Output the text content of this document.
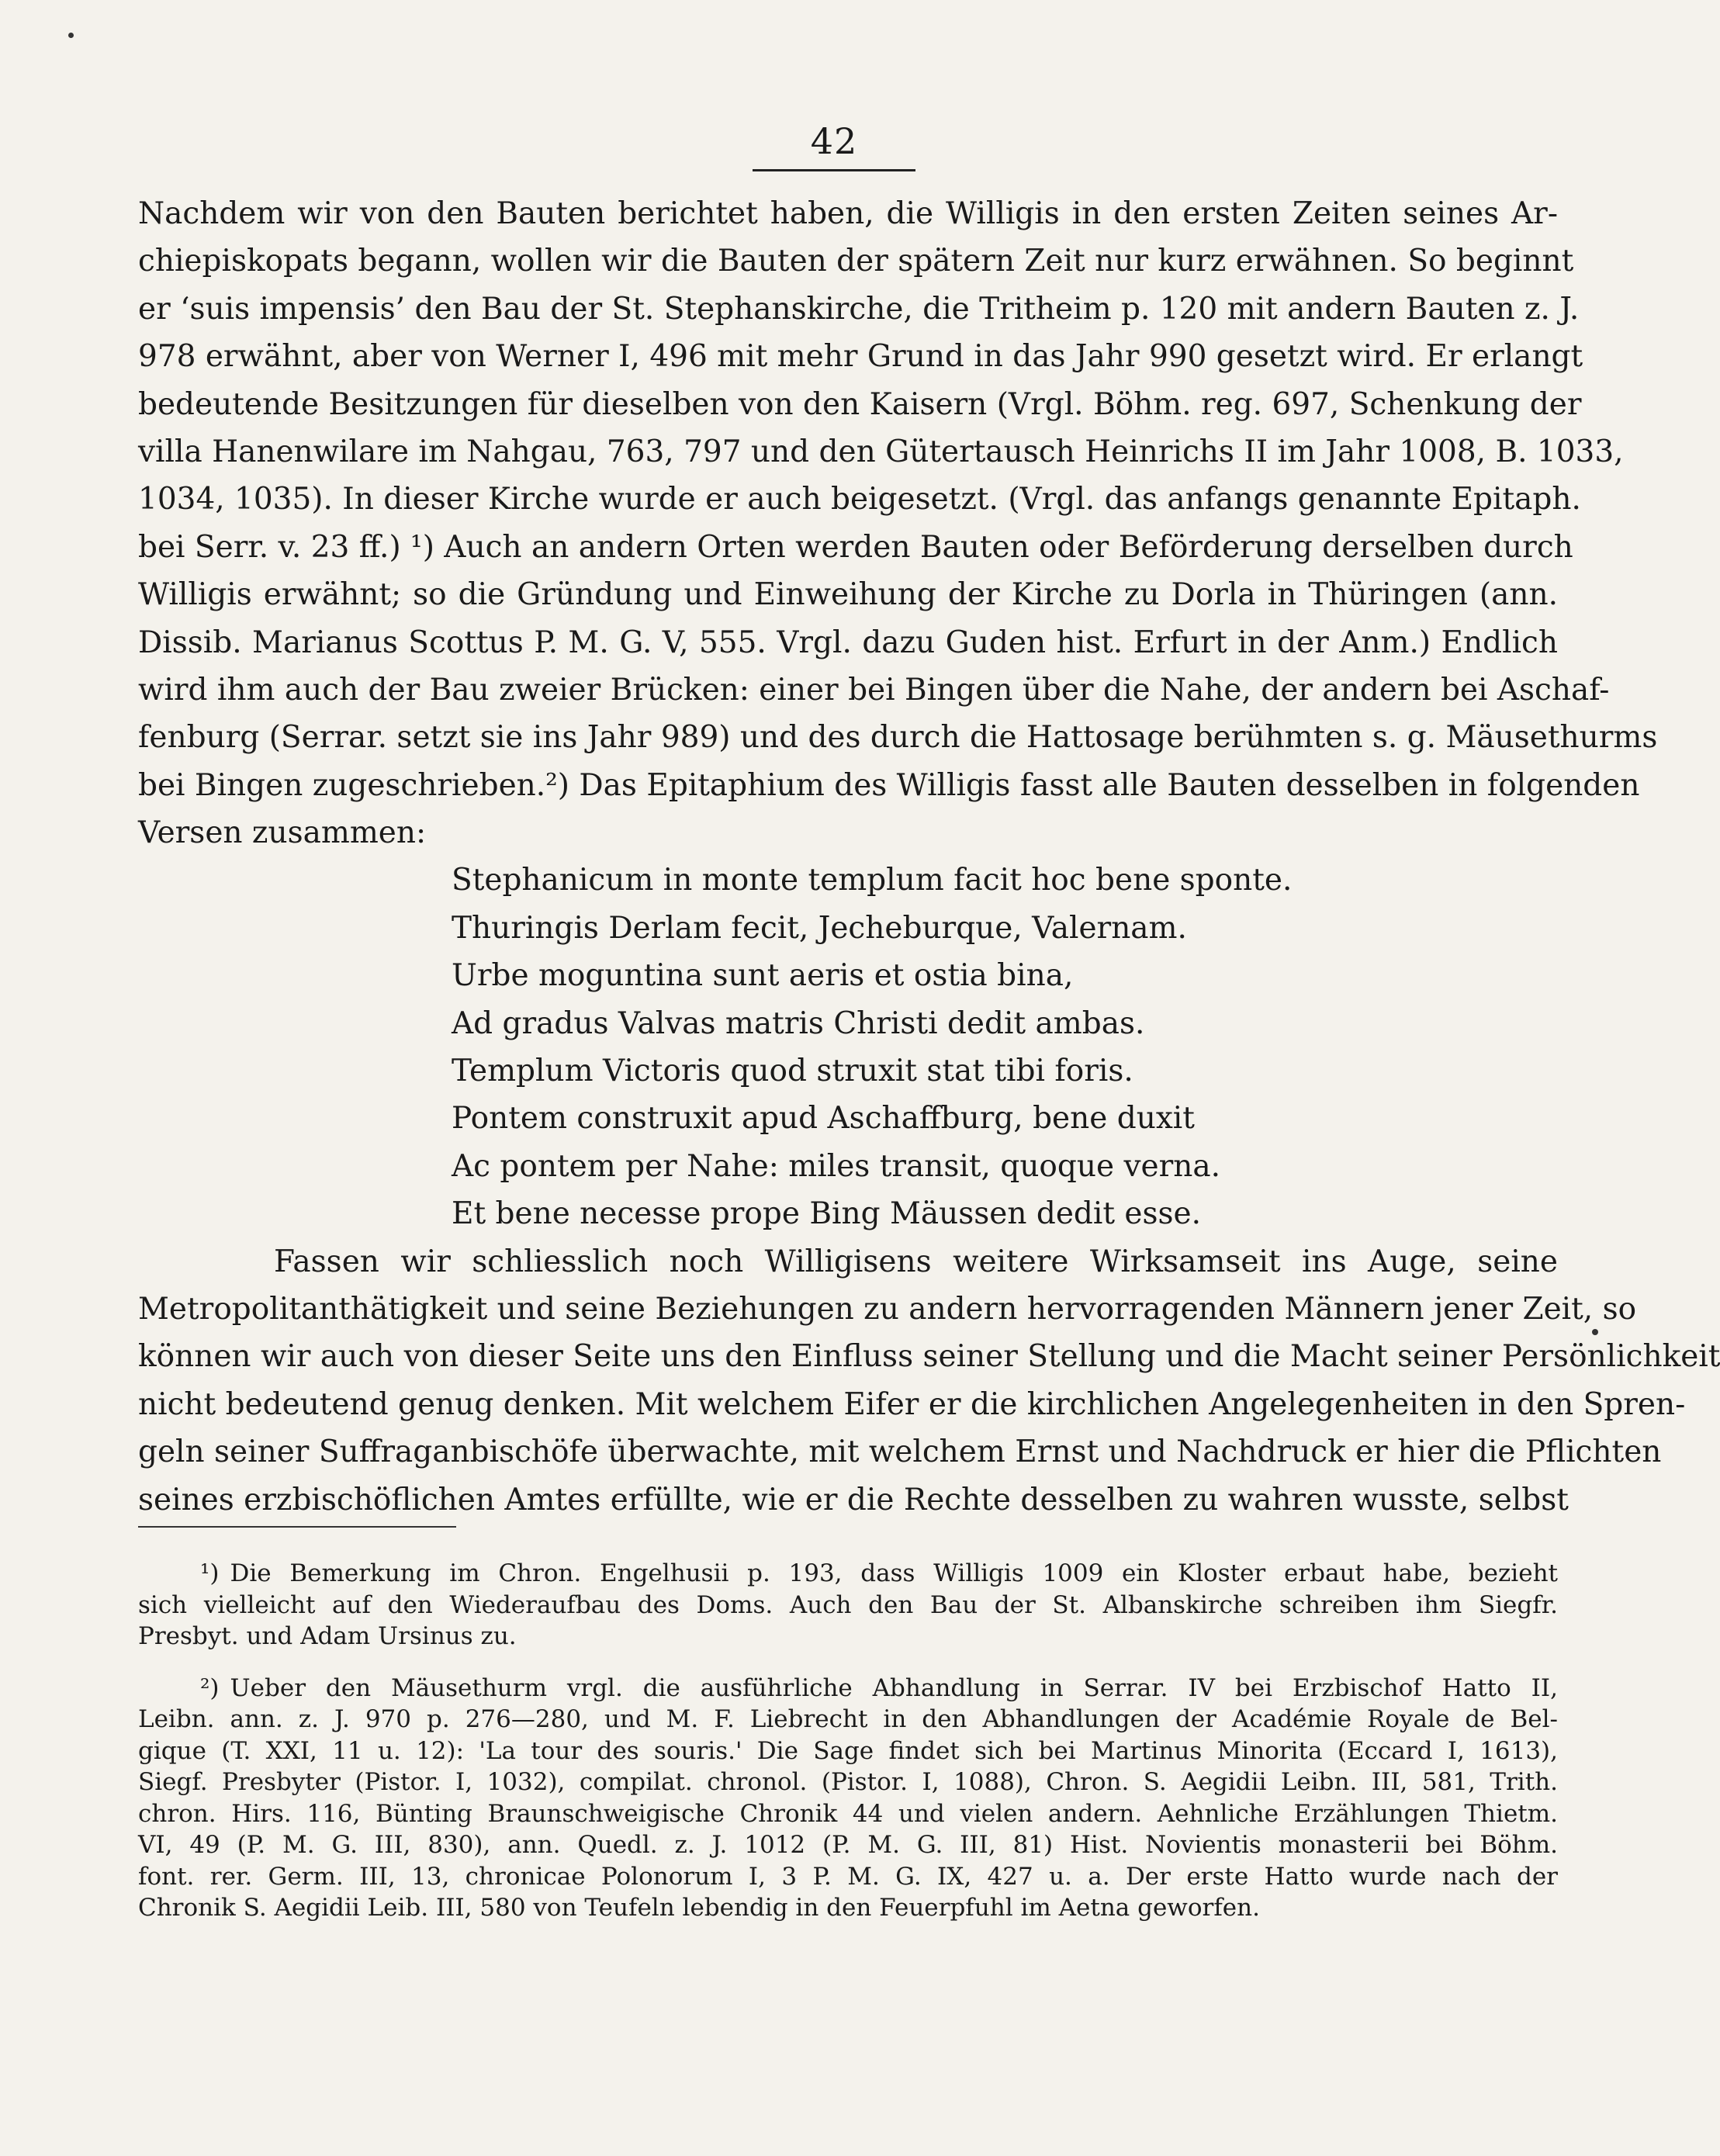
42
Nachdem wir von den Bauten berichtet haben, die Willigis in den ersten Zeiten seines Ar-
chiepiskopats begann, wollen wir die Bauten der spätern Zeit nur kurz erwähnen. So beginnt
er ‘suis impensis’ den Bau der St. Stephanskirche, die Tritheim p. 120 mit andern Bauten z. J.
978 erwähnt, aber von Werner I, 496 mit mehr Grund in das Jahr 990 gesetzt wird. Er erlangt
bedeutende Besitzungen für dieselben von den Kaisern (Vrgl. Böhm. reg. 697, Schenkung der
villa Hanenwilare im Nahgau, 763, 797 und den Gütertausch Heinrichs II im Jahr 1008, B. 1033,
1034, 1035). In dieser Kirche wurde er auch beigesetzt. (Vrgl. das anfangs genannte Epitaph.
bei Serr. v. 23 ff.) ¹) Auch an andern Orten werden Bauten oder Beförderung derselben durch
Willigis erwähnt; so die Gründung und Einweihung der Kirche zu Dorla in Thüringen (ann.
Dissib. Marianus Scottus P. M. G. V, 555. Vrgl. dazu Guden hist. Erfurt in der Anm.) Endlich
wird ihm auch der Bau zweier Brücken: einer bei Bingen über die Nahe, der andern bei Aschaf-
fenburg (Serrar. setzt sie ins Jahr 989) und des durch die Hattosage berühmten s. g. Mäusethurms
bei Bingen zugeschrieben.²) Das Epitaphium des Willigis fasst alle Bauten desselben in folgenden
Versen zusammen:
Stephanicum in monte templum facit hoc bene sponte.
Thuringis Derlam fecit, Jecheburque, Valernam.
Urbe moguntina sunt aeris et ostia bina,
Ad gradus Valvas matris Christi dedit ambas.
Templum Victoris quod struxit stat tibi foris.
Pontem construxit apud Aschaffburg, bene duxit
Ac pontem per Nahe: miles transit, quoque verna.
Et bene necesse prope Bing Mäussen dedit esse.
Fassen wir schliesslich noch Willigisens weitere Wirksamseit ins Auge, seine
Metropolitanthätigkeit und seine Beziehungen zu andern hervorragenden Männern jener Zeit, so
können wir auch von dieser Seite uns den Einfluss seiner Stellung und die Macht seiner Persönlichkeit
nicht bedeutend genug denken. Mit welchem Eifer er die kirchlichen Angelegenheiten in den Spren-
geln seiner Suffraganbischöfe überwachte, mit welchem Ernst und Nachdruck er hier die Pflichten
seines erzbischöflichen Amtes erfüllte, wie er die Rechte desselben zu wahren wusste, selbst
¹) Die Bemerkung im Chron. Engelhusii p. 193, dass Willigis 1009 ein Kloster erbaut habe, bezieht
sich vielleicht auf den Wiederaufbau des Doms. Auch den Bau der St. Albanskirche schreiben ihm Siegfr.
Presbyt. und Adam Ursinus zu.
²) Ueber den Mäusethurm vrgl. die ausführliche Abhandlung in Serrar. IV bei Erzbischof Hatto II,
Leibn. ann. z. J. 970 p. 276—280, und M. F. Liebrecht in den Abhandlungen der Académie Royale de Bel-
gique (T. XXI, 11 u. 12): 'La tour des souris.' Die Sage findet sich bei Martinus Minorita (Eccard I, 1613),
Siegf. Presbyter (Pistor. I, 1032), compilat. chronol. (Pistor. I, 1088), Chron. S. Aegidii Leibn. III, 581, Trith.
chron. Hirs. 116, Bünting Braunschweigische Chronik 44 und vielen andern. Aehnliche Erzählungen Thietm.
VI, 49 (P. M. G. III, 830), ann. Quedl. z. J. 1012 (P. M. G. III, 81) Hist. Novientis monasterii bei Böhm.
font. rer. Germ. III, 13, chronicae Polonorum I, 3 P. M. G. IX, 427 u. a. Der erste Hatto wurde nach der
Chronik S. Aegidii Leib. III, 580 von Teufeln lebendig in den Feuerpfuhl im Aetna geworfen.
